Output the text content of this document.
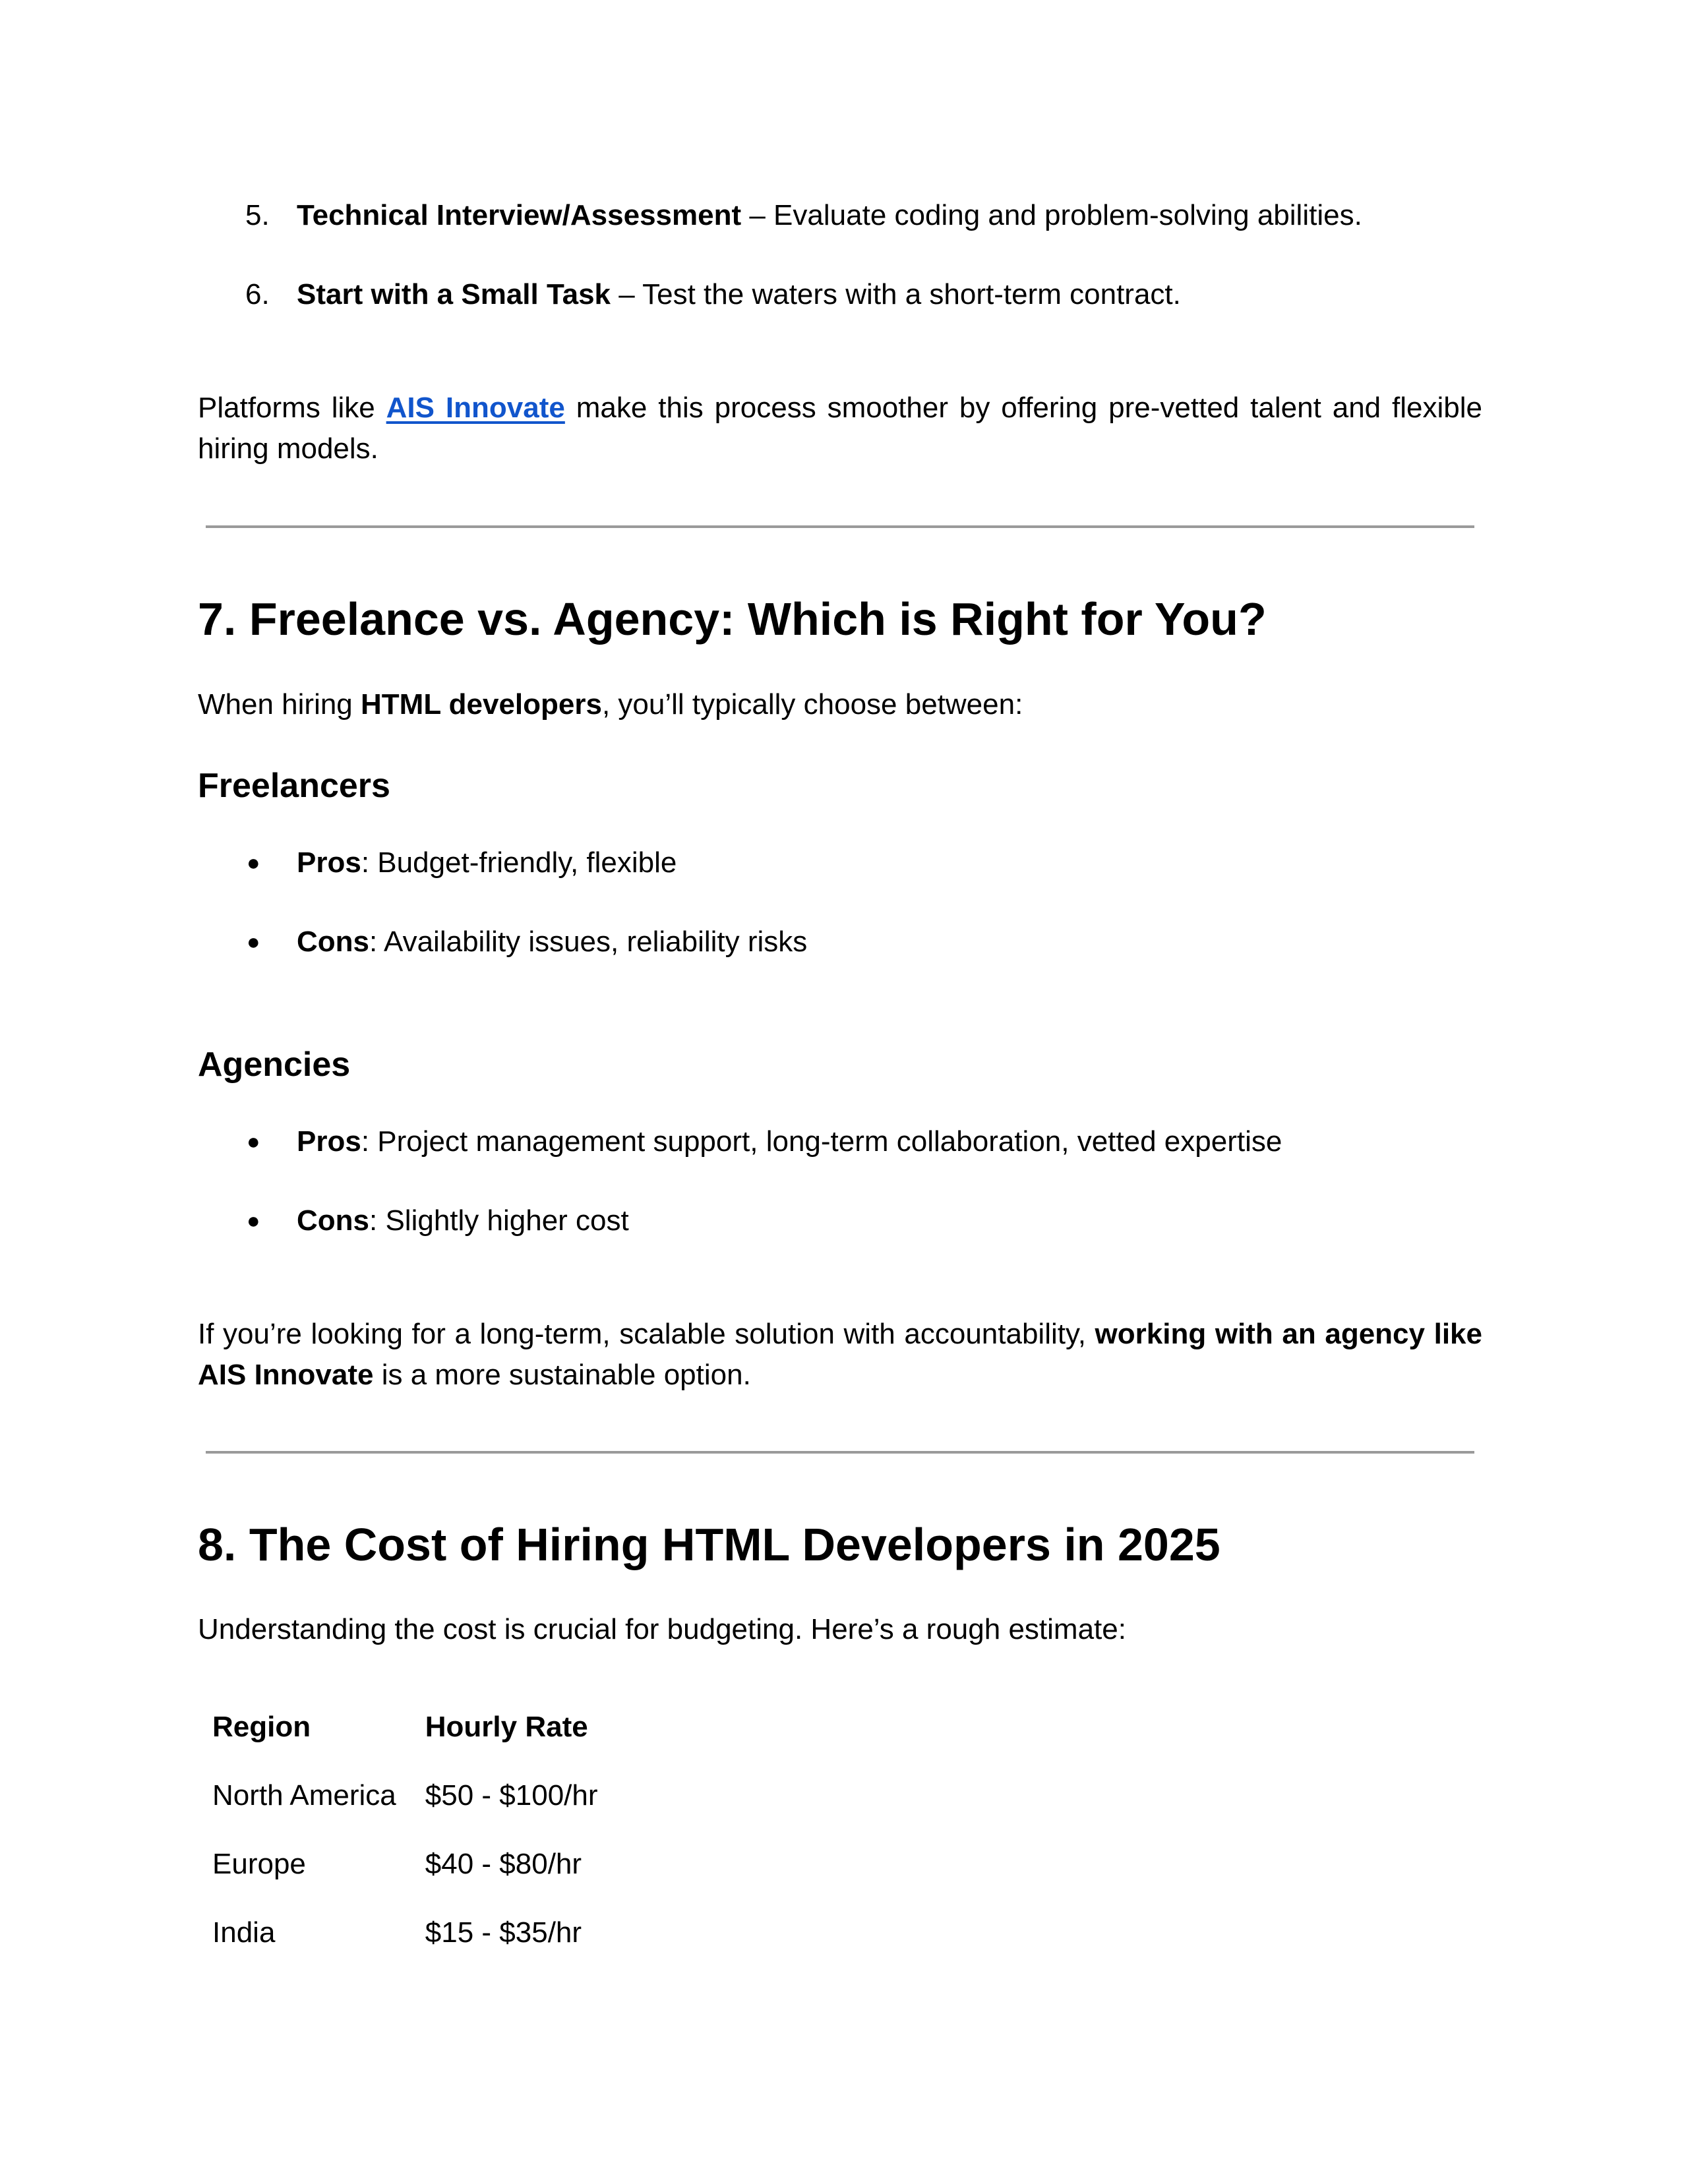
5. Technical Interview/Assessment – Evaluate coding and problem-solving abilities.
6. Start with a Small Task – Test the waters with a short-term contract.

Platforms like AIS Innovate make this process smoother by offering pre-vetted talent and flexible hiring models.

7. Freelance vs. Agency: Which is Right for You?

When hiring HTML developers, you’ll typically choose between:

Freelancers
● Pros: Budget-friendly, flexible
● Cons: Availability issues, reliability risks
Agencies
● Pros: Project management support, long-term collaboration, vetted expertise
● Cons: Slightly higher cost

If you’re looking for a long-term, scalable solution with accountability, working with an agency like AIS Innovate is a more sustainable option.

8. The Cost of Hiring HTML Developers in 2025

Understanding the cost is crucial for budgeting. Here’s a rough estimate:

Region	Hourly Rate
North America	$50 - $100/hr
Europe	$40 - $80/hr
India	$15 - $35/hr
